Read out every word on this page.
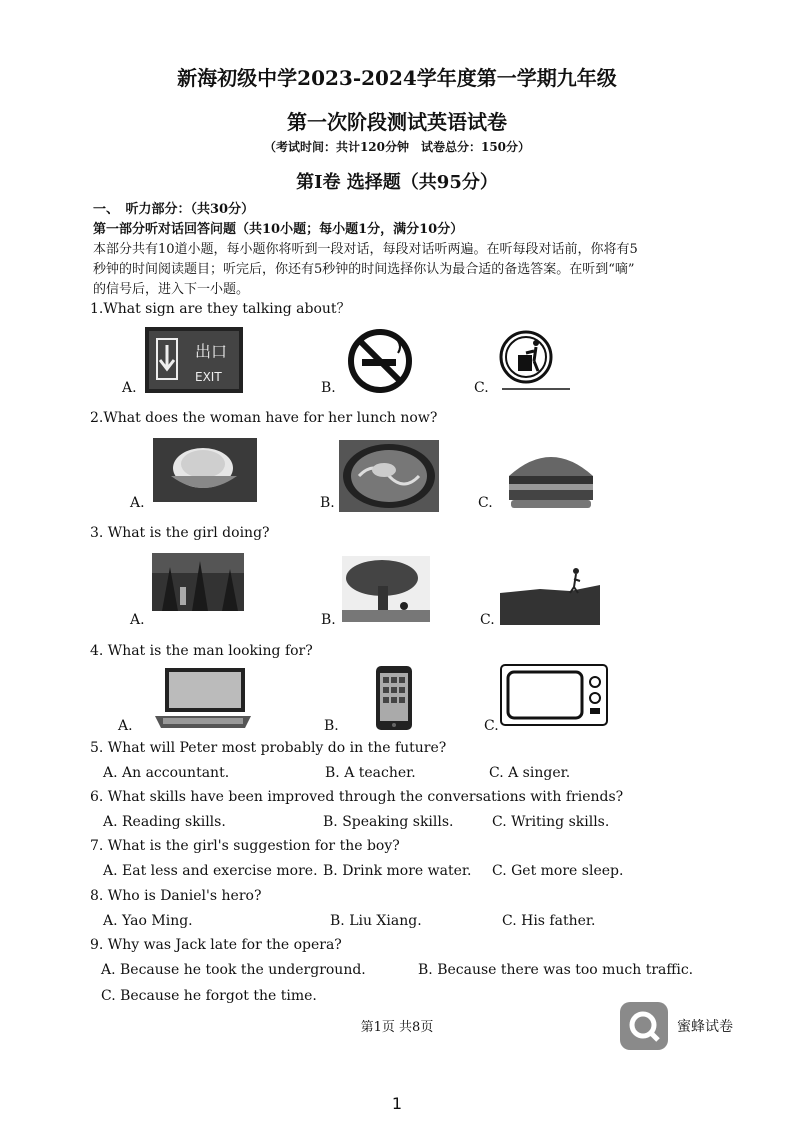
新海初级中学2023-2024学年度第一学期九年级
第一次阶段测试英语试卷
（考试时间：共计120分钟　试卷总分：150分）
第Ⅰ卷 选择题（共95分）
一、　听力部分：（共30分）
第一部分听对话回答问题（共10小题；每小题1分，满分10分）
本部分共有10道小题，每小题你将听到一段对话，每段对话听两遍。在听每段对话前，你将有5
秒钟的时间阅读题目；听完后，你还有5秒钟的时间选择你认为最合适的备选答案。在听到“嘀”
的信号后，进入下一小题。
1.What sign are they talking about？
A.
出口
EXIT
B.	C.
2.What does the woman have for her lunch now?
A.	B.	C.
3. What is the girl doing?
A.	B.	C.
4. What is the man looking for?
A.	B.	C.
5. What will Peter most probably do in the future?
A. An accountant.	B. A teacher.	C. A singer.
6. What skills have been improved through the conversations with friends?
A. Reading skills.	B. Speaking skills.	C. Writing skills.
7. What is the girl's suggestion for the boy?
A. Eat less and exercise more. B. Drink more water. C. Get more sleep.
8. Who is Daniel's hero?
A. Yao Ming.	B. Liu Xiang.	C. His father.
9. Why was Jack late for the opera?
A. Because he took the underground.	B. Because there was too much traffic.
C. Because he forgot the time.
第1页 共8页	蜜蜂试卷
1
